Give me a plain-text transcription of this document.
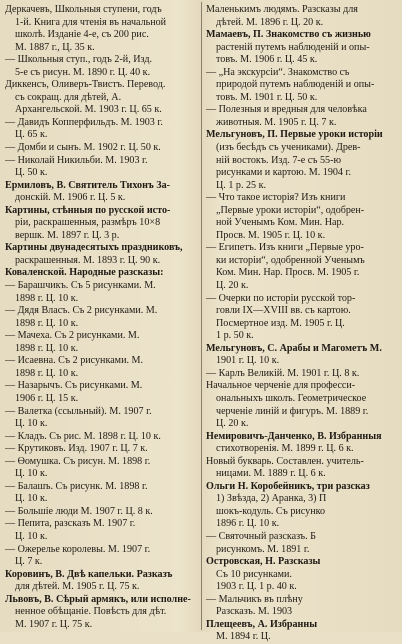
Деркачевъ, Школьныя ступени, годъ
1-й. Книга для чтенія въ начальной
школѣ. Изданіе 4-е, съ 200 рис.
М. 1887 г., Ц. 35 к.
— Школьныя ступ., годъ 2-й, Изд.
5-е съ рисун. М. 1890 г. Ц. 40 к.
Диккенсъ, Оливеръ-Твистъ. Перевод.
съ сокращ. для дѣтей, А.
Архангельской. М. 1903 г. Ц. 65 к.
— Давидъ Копперфильдъ. М. 1903 г.
Ц. 65 к.
— Домби и сынъ. М. 1902 г. Ц. 50 к.
— Николай Никильби. М. 1903 г.
Ц. 50 к.
Ермиловъ, В. Святитель Тихонъ За-
донскій. М. 1906 г. Ц. 5 к.
Картины, стѣнныя по русской исто-
ріи, раскрашенныя, размѣръ 10×8
вершк. М. 1897 г. Ц. 3 р.
Картины двунадесятыхъ праздниковъ,
раскрашенныя. М. 1893 г. Ц. 90 к.
Коваленской. Народные разсказы:
— Барашчикъ. Съ 5 рисунками. М.
1898 г. Ц. 10 к.
— Дядя Власъ. Съ 2 рисунками. М.
1898 г. Ц. 10 к.
— Мачеха. Съ 2 рисунками. М.
1898 г. Ц. 10 к.
— Исаевна. Съ 2 рисунками. М.
1898 г. Ц. 10 к.
— Назарычъ. Съ рисунками. М.
1906 г. Ц. 15 к.
— Валетка (ссыльный). М. 1907 г.
Ц. 10 к.
— Кладъ. Съ рис. М. 1898 г. Ц. 10 к.
— Крутиковъ. Изд. 1907 г. Ц. 7 к.
— Өомушка. Съ рисун. М. 1898 г.
Ц. 10 к.
— Балашъ. Съ рисунк. М. 1898 г.
Ц. 10 к.
— Большіе люди М. 1907 г. Ц. 8 к.
— Пепита, разсказъ М. 1907 г.
Ц. 10 к.
— Ожерелье королевы. М. 1907 г.
Ц. 7 к.
Коровинъ, В. Двѣ капельки. Разказъ
для дѣтей. М. 1905 г. Ц. 75 к.
Львовъ, В. Сѣрый армякъ, или исполне-
ненное обѣщаніе. Повѣсть для дѣт.
М. 1907 г. Ц. 75 к.
Маленькимъ людямъ. Разсказы для
дѣтей. М. 1896 г. Ц. 20 к.
Мамаевъ, П. Знакомство съ жизнью
растеній путемъ наблюденій и опы-
товъ. М. 1906 г. Ц. 45 к.
— „На экскурсіи“. Знакомство съ
природой путемъ наблюденій и опы-
товъ. М. 1901 г. Ц. 50 к.
— Полезныя и вредныя для человѣка
животныя. М. 1905 г. Ц. 7 к.
Мельгуновъ, П. Первые уроки исторіи
(изъ бесѣдъ съ учениками). Древ-
ній востокъ. Изд. 7-е съ 55-ю
рисунками и картою. М. 1904 г.
Ц. 1 р. 25 к.
— Что такое исторія? Изъ книги
„Первые уроки исторіи“, одобрен-
ной Ученымъ Ком. Мин. Нар.
Просв. М. 1905 г. Ц. 10 к.
— Египетъ. Изъ книги „Первые уро-
ки исторіи“, одобренной Ученымъ
Ком. Мин. Нар. Просв. М. 1905 г.
Ц. 20 к.
— Очерки по исторіи русской тор-
говли IX—XVIII вв. съ картою.
Посмертное изд. М. 1905 г. Ц.
1 р. 50 к.
Мельгуновъ, С. Арабы и Магометъ М.
1901 г. Ц. 10 к.
— Карлъ Великій. М. 1901 г. Ц. 8 к.
Начальное черченіе для професси-
ональныхъ школъ. Геометрическое
черченіе линій и фигуръ. М. 1889 г.
Ц. 20 к.
Немировичъ-Данченко, В. Избранныя
стихотворенія. М. 1899 г. Ц. 6 к.
Новый букварь. Составлен. учитель-
ницами. М. 1889 г. Ц. 6 к.
Ольги Н. Коробейникъ, три разсказ
1) Звѣзда, 2) Аранка, 3) П
шокъ-кодуль. Съ рисунко
1896 г. Ц. 10 к.
— Святочный разсказъ. Б
рисункомъ. М. 1891 г.
Островская, Н. Разсказы
Съ 10 рисунками.
1903 г. Ц. 1 р. 40 к.
— Мальчикъ въ плѣну
Разсказъ. М. 1903
Плещеевъ, А. Избранны
М. 1894 г. Ц.
